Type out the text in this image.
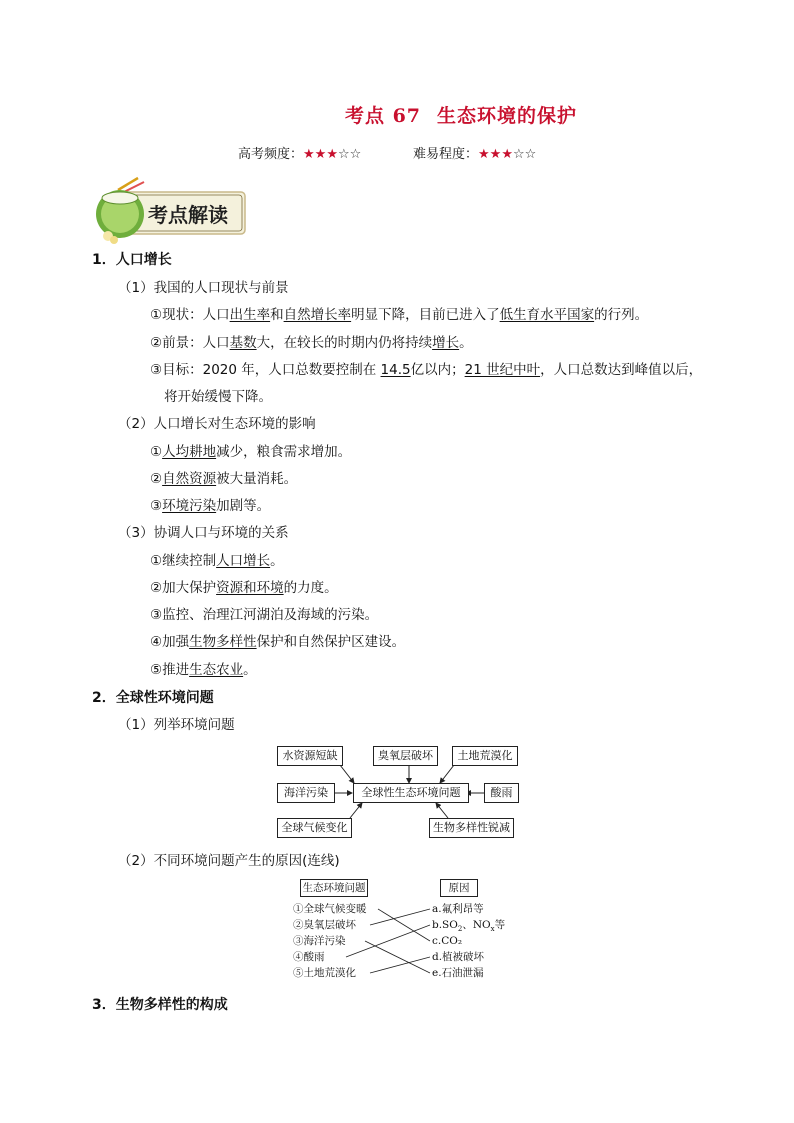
考点 67 生态环境的保护
高考频度：★★★☆☆	难易程度：★★★☆☆
考点解读
1．人口增长
（1）我国的人口现状与前景
①现状：人口出生率和自然增长率明显下降，目前已进入了低生育水平国家的行列。
②前景：人口基数大，在较长的时期内仍将持续增长。
③目标：2020 年，人口总数要控制在 14.5亿以内；21 世纪中叶，人口总数达到峰值以后，
将开始缓慢下降。
（2）人口增长对生态环境的影响
①人均耕地减少，粮食需求增加。
②自然资源被大量消耗。
③环境污染加剧等。
（3）协调人口与环境的关系
①继续控制人口增长。
②加大保护资源和环境的力度。
③监控、治理江河湖泊及海域的污染。
④加强生物多样性保护和自然保护区建设。
⑤推进生态农业。
2．全球性环境问题
（1）列举环境问题
水资源短缺	臭氧层破坏	土地荒漠化
全球性生态环境问题
海洋污染	酸雨
全球气候变化	生物多样性锐减
（2）不同环境问题产生的原因(连线)
生态环境问题	原因
①全球气候变暖
②臭氧层破坏
③海洋污染
④酸雨
⑤土地荒漠化
a.氟利昂等
$b.SO_2$、$NO_x$等
c.CO₂
d.植被破坏
e.石油泄漏
3．生物多样性的构成
